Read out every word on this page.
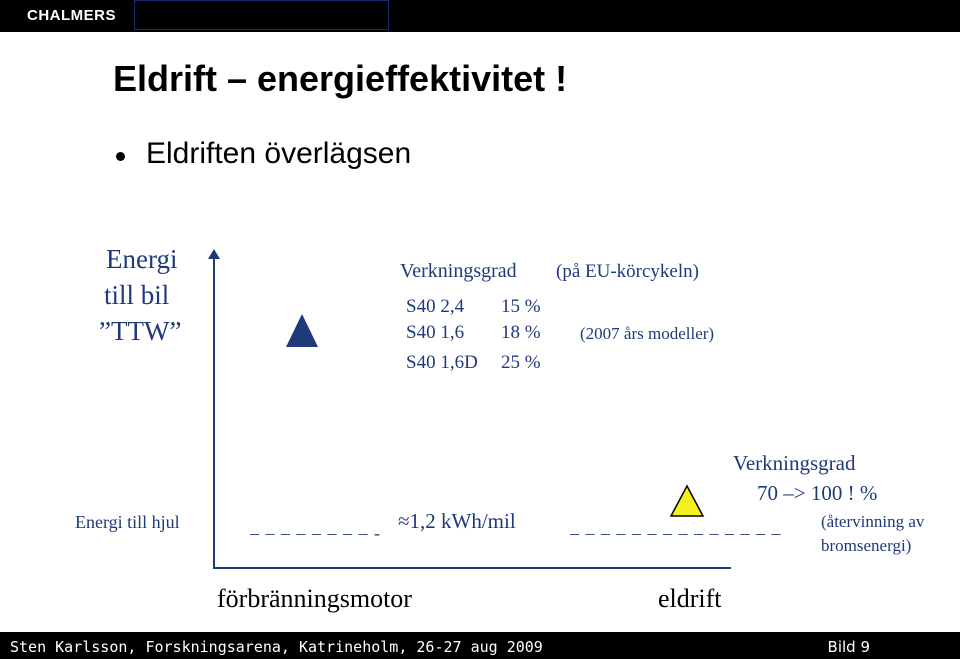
CHALMERS
Eldrift – energieffektivitet !
Eldriften överlägsen
Energi
till bil
”TTW”
Verkningsgrad (på EU-körcykeln)
S40 2,4 15 %
S40 1,6 18 %
S40 1,6D 25 %
(2007 års modeller)
Energi till hjul
– – – – – – – – - ≈1,2 kWh/mil	– – – – – – – – – – – – – –
Verkningsgrad
70 –> 100 ! %
(återvinning av
bromsenergi)
förbränningsmotor	eldrift
Sten Karlsson, Forskningsarena, Katrineholm, 26-27 aug 2009	Bild 9
